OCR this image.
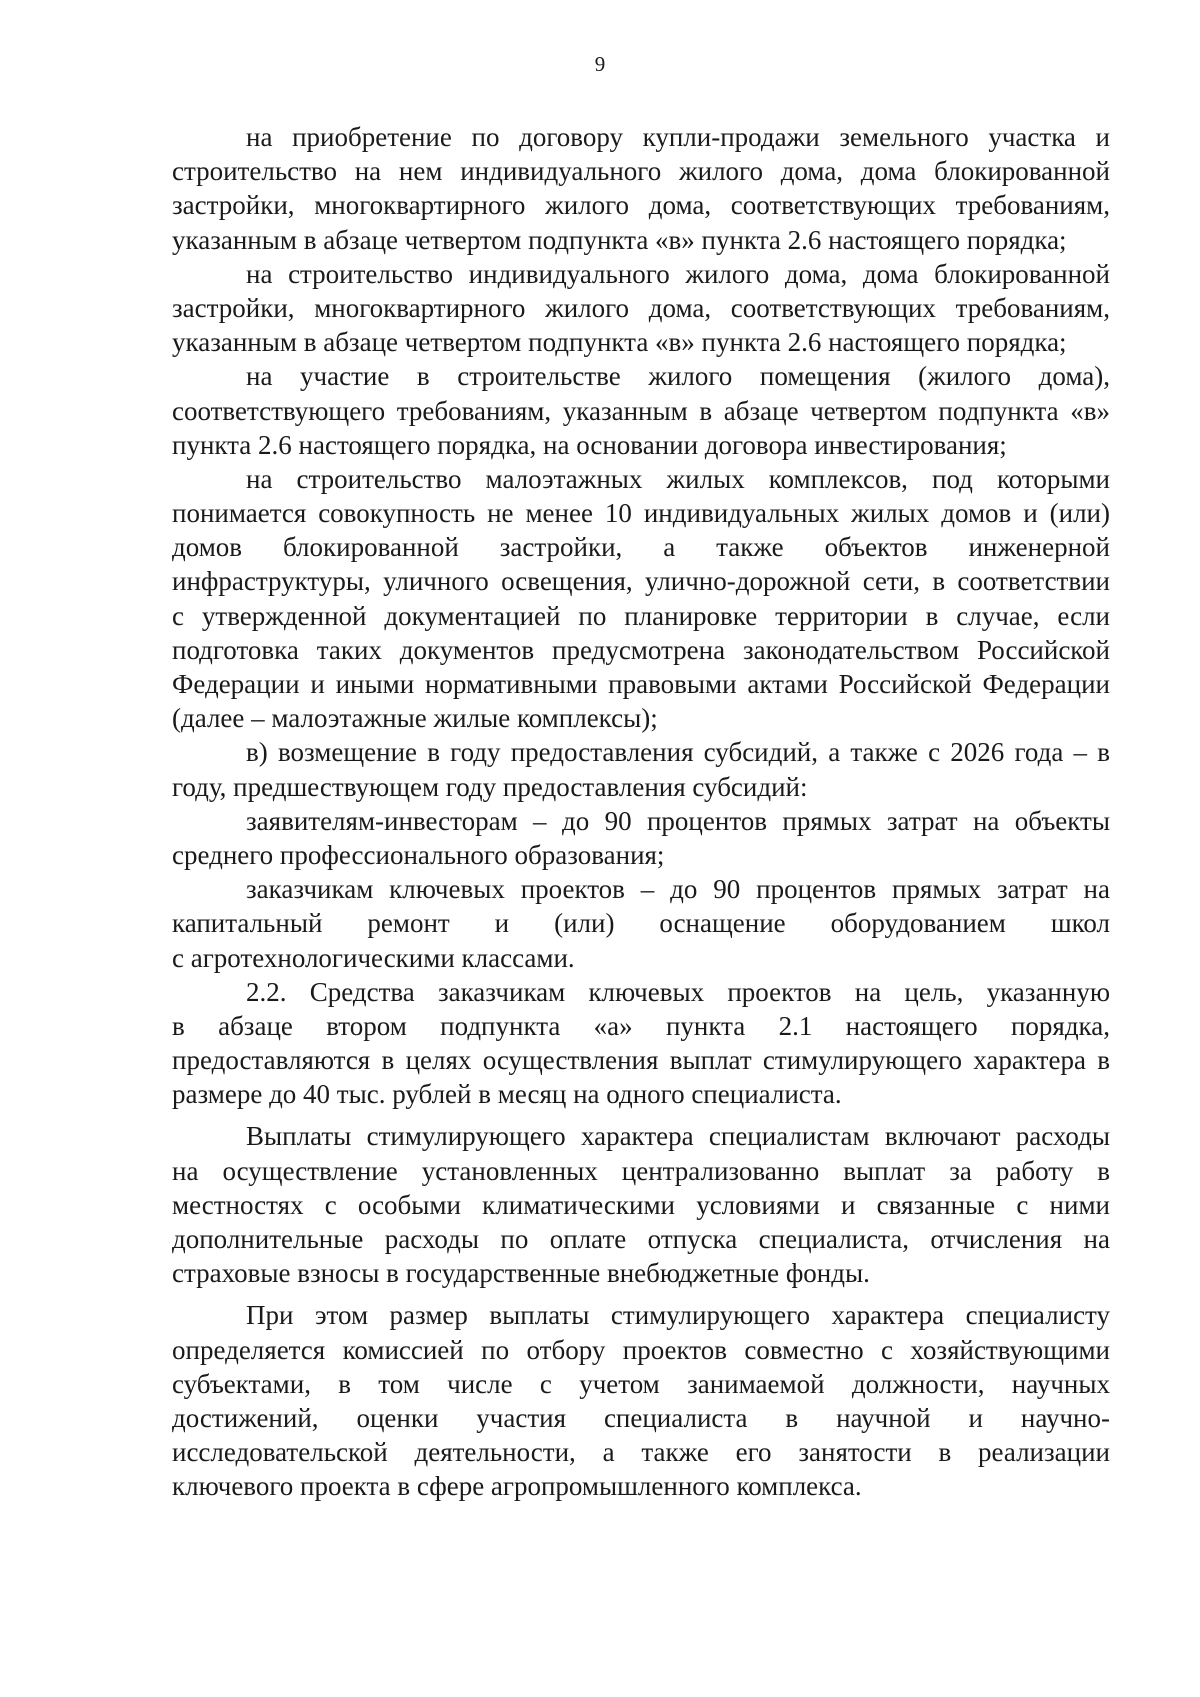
9
на приобретение по договору купли-продажи земельного участка и
строительство на нем индивидуального жилого дома, дома блокированной
застройки, многоквартирного жилого дома, соответствующих требованиям,
указанным в абзаце четвертом подпункта «в» пункта 2.6 настоящего порядка;
на строительство индивидуального жилого дома, дома блокированной
застройки, многоквартирного жилого дома, соответствующих требованиям,
указанным в абзаце четвертом подпункта «в» пункта 2.6 настоящего порядка;
на участие в строительстве жилого помещения (жилого дома),
соответствующего требованиям, указанным в абзаце четвертом подпункта «в»
пункта 2.6 настоящего порядка, на основании договора инвестирования;
на строительство малоэтажных жилых комплексов, под которыми
понимается совокупность не менее 10 индивидуальных жилых домов и (или)
домов блокированной застройки, а также объектов инженерной
инфраструктуры, уличного освещения, улично-дорожной сети, в соответствии
с утвержденной документацией по планировке территории в случае, если
подготовка таких документов предусмотрена законодательством Российской
Федерации и иными нормативными правовыми актами Российской Федерации
(далее – малоэтажные жилые комплексы);
в) возмещение в году предоставления субсидий, а также с 2026 года – в
году, предшествующем году предоставления субсидий:
заявителям-инвесторам – до 90 процентов прямых затрат на объекты
среднего профессионального образования;
заказчикам ключевых проектов – до 90 процентов прямых затрат на
капитальный ремонт и (или) оснащение оборудованием школ
с агротехнологическими классами.
2.2. Средства заказчикам ключевых проектов на цель, указанную
в абзаце втором подпункта «а» пункта 2.1 настоящего порядка,
предоставляются в целях осуществления выплат стимулирующего характера в
размере до 40 тыс. рублей в месяц на одного специалиста.
Выплаты стимулирующего характера специалистам включают расходы
на осуществление установленных централизованно выплат за работу в
местностях с особыми климатическими условиями и связанные с ними
дополнительные расходы по оплате отпуска специалиста, отчисления на
страховые взносы в государственные внебюджетные фонды.
При этом размер выплаты стимулирующего характера специалисту
определяется комиссией по отбору проектов совместно с хозяйствующими
субъектами, в том числе с учетом занимаемой должности, научных
достижений, оценки участия специалиста в научной и научно-
исследовательской деятельности, а также его занятости в реализации
ключевого проекта в сфере агропромышленного комплекса.
